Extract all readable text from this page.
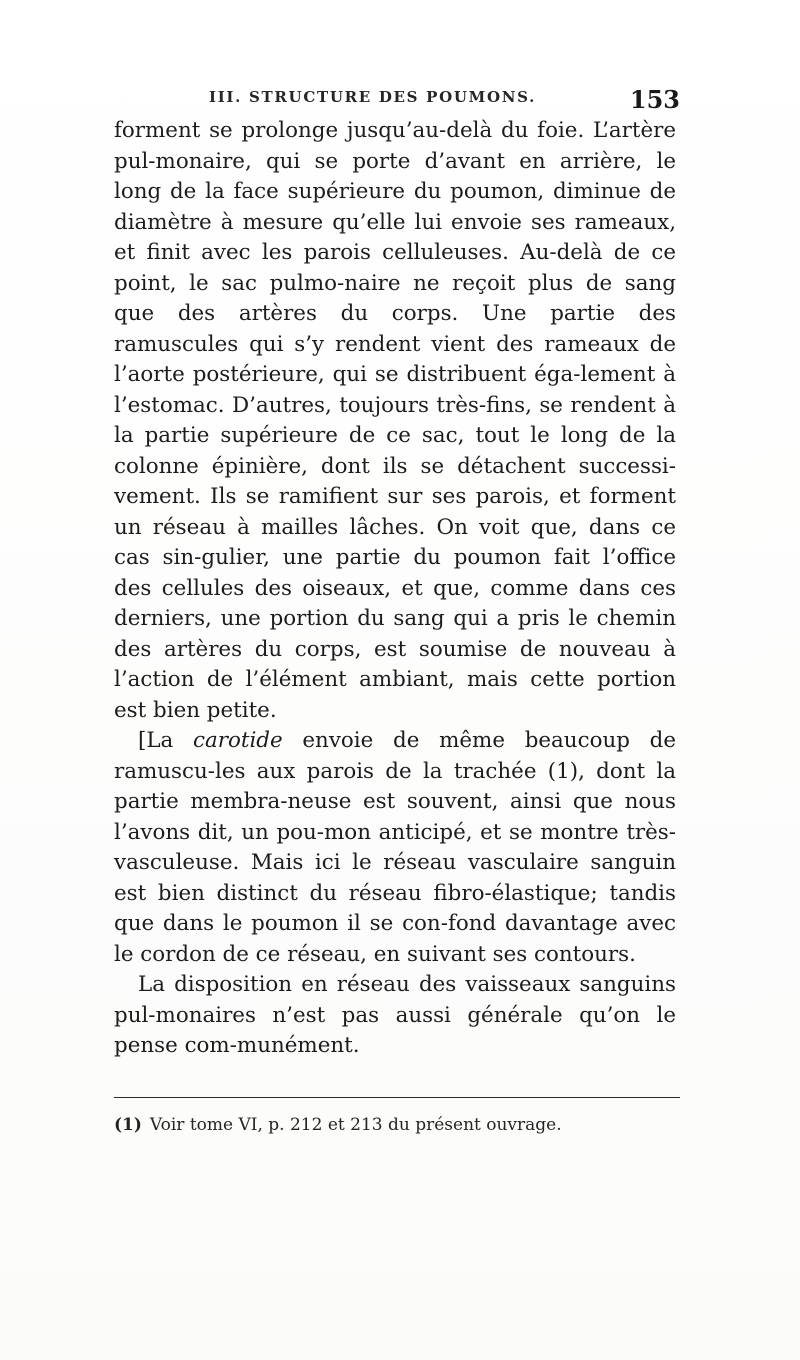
III. STRUCTURE DES POUMONS.	153

forment se prolonge jusqu’au-delà du foie. L’artère pul-monaire, qui se porte d’avant en arrière, le long de la face supérieure du poumon, diminue de diamètre à mesure qu’elle lui envoie ses rameaux, et finit avec les parois celluleuses. Au-delà de ce point, le sac pulmo-naire ne reçoit plus de sang que des artères du corps. Une partie des ramuscules qui s’y rendent vient des rameaux de l’aorte postérieure, qui se distribuent éga-lement à l’estomac. D’autres, toujours très-fins, se rendent à la partie supérieure de ce sac, tout le long de la colonne épinière, dont ils se détachent successi-vement. Ils se ramifient sur ses parois, et forment un réseau à mailles lâches. On voit que, dans ce cas sin-gulier, une partie du poumon fait l’office des cellules des oiseaux, et que, comme dans ces derniers, une portion du sang qui a pris le chemin des artères du corps, est soumise de nouveau à l’action de l’élément ambiant, mais cette portion est bien petite.

[La carotide envoie de même beaucoup de ramuscu-les aux parois de la trachée (1), dont la partie membra-neuse est souvent, ainsi que nous l’avons dit, un pou-mon anticipé, et se montre très-vasculeuse. Mais ici le réseau vasculaire sanguin est bien distinct du réseau fibro-élastique; tandis que dans le poumon il se con-fond davantage avec le cordon de ce réseau, en suivant ses contours.

La disposition en réseau des vaisseaux sanguins pul-monaires n’est pas aussi générale qu’on le pense com-munément.

(1) Voir tome VI, p. 212 et 213 du présent ouvrage.
